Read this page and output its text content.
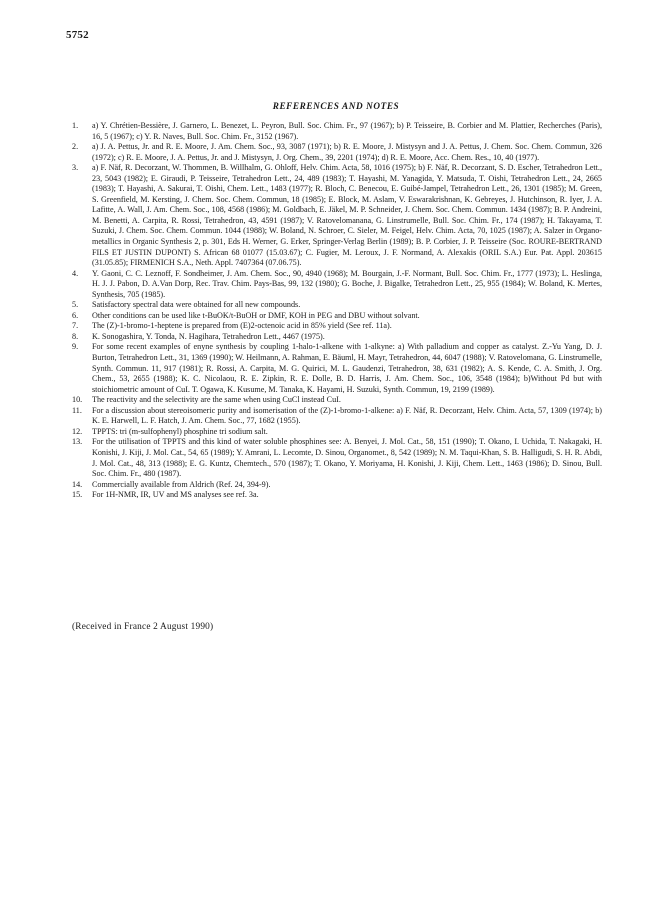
5752
REFERENCES AND NOTES
1.	a) Y. Chrétien-Bessière, J. Garnero, L. Benezet, L. Peyron, Bull. Soc. Chim. Fr., 97 (1967); b) P. Teisseire, B. Corbier and M. Plattier, Recherches (Paris), 16, 5 (1967); c) Y. R. Naves, Bull. Soc. Chim. Fr., 3152 (1967).
2.	a) J. A. Pettus, Jr. and R. E. Moore, J. Am. Chem. Soc., 93, 3087 (1971); b) R. E. Moore, J. Mistysyn and J. A. Pettus, J. Chem. Soc. Chem. Commun, 326 (1972); c) R. E. Moore, J. A. Pettus, Jr. and J. Mistysyn, J. Org. Chem., 39, 2201 (1974); d) R. E. Moore, Acc. Chem. Res., 10, 40 (1977).
3.	a) F. Näf, R. Decorzant, W. Thommen, B. Willhalm, G. Ohloff, Helv. Chim. Acta, 58, 1016 (1975); b) F. Näf, R. Decorzant, S. D. Escher, Tetrahedron Lett., 23, 5043 (1982); E. Giraudi, P. Teisseire, Tetrahedron Lett., 24, 489 (1983); T. Hayashi, M. Yanagida, Y. Matsuda, T. Oishi, Tetrahedron Lett., 24, 2665 (1983); T. Hayashi, A. Sakurai, T. Oishi, Chem. Lett., 1483 (1977); R. Bloch, C. Benecou, E. Guibé-Jampel, Tetrahedron Lett., 26, 1301 (1985); M. Green, S. Greenfield, M. Kersting, J. Chem. Soc. Chem. Commun, 18 (1985); E. Block, M. Aslam, V. Eswarakrishnan, K. Gebreyes, J. Hutchinson, R. Iyer, J. A. Lafitte, A. Wall, J. Am. Chem. Soc., 108, 4568 (1986); M. Goldbach, E. Jäkel, M. P. Schneider, J. Chem. Soc. Chem. Commun. 1434 (1987); B. P. Andreini, M. Benetti, A. Carpita, R. Rossi, Tetrahedron, 43, 4591 (1987); V. Ratovelomanana, G. Linstrumelle, Bull. Soc. Chim. Fr., 174 (1987); H. Takayama, T. Suzuki, J. Chem. Soc. Chem. Commun. 1044 (1988); W. Boland, N. Schroer, C. Sieler, M. Feigel, Helv. Chim. Acta, 70, 1025 (1987); A. Salzer in Organo-metallics in Organic Synthesis 2, p. 301, Eds H. Werner, G. Erker, Springer-Verlag Berlin (1989); B. P. Corbier, J. P. Teisseire (Soc. ROURE-BERTRAND FILS ET JUSTIN DUPONT) S. African 68 01077 (15.03.67); C. Fugier, M. Leroux, J. F. Normand, A. Alexakis (ORIL S.A.) Eur. Pat. Appl. 203615 (31.05.85); FIRMENICH S.A., Neth. Appl. 7407364 (07.06.75).
4.	Y. Gaoni, C. C. Leznoff, F. Sondheimer, J. Am. Chem. Soc., 90, 4940 (1968); M. Bourgain, J.-F. Normant, Bull. Soc. Chim. Fr., 1777 (1973); L. Heslinga, H. J. J. Pabon, D. A.Van Dorp, Rec. Trav. Chim. Pays-Bas, 99, 132 (1980); G. Boche, J. Bigalke, Tetrahedron Lett., 25, 955 (1984); W. Boland, K. Mertes, Synthesis, 705 (1985).
5.	Satisfactory spectral data were obtained for all new compounds.
6.	Other conditions can be used like t-BuOK/t-BuOH or DMF, KOH in PEG and DBU without solvant.
7.	The (Z)-1-bromo-1-heptene is prepared from (E)2-octenoic acid in 85% yield (See ref. 11a).
8.	K. Sonogashira, Y. Tonda, N. Hagihara, Tetrahedron Lett., 4467 (1975).
9.	For some recent examples of enyne synthesis by coupling 1-halo-1-alkene with 1-alkyne: a) With palladium and copper as catalyst. Z.-Yu Yang, D. J. Burton, Tetrahedron Lett., 31, 1369 (1990); W. Heilmann, A. Rahman, E. Bäuml, H. Mayr, Tetrahedron, 44, 6047 (1988); V. Ratovelomana, G. Linstrumelle, Synth. Commun. 11, 917 (1981); R. Rossi, A. Carpita, M. G. Quirici, M. L. Gaudenzi, Tetrahedron, 38, 631 (1982); A. S. Kende, C. A. Smith, J. Org. Chem., 53, 2655 (1988); K. C. Nicolaou, R. E. Zipkin, R. E. Dolle, B. D. Harris, J. Am. Chem. Soc., 106, 3548 (1984); b)Without Pd but with stoichiometric amount of CuI. T. Ogawa, K. Kusume, M. Tanaka, K. Hayami, H. Suzuki, Synth. Commun, 19, 2199 (1989).
10.	The reactivity and the selectivity are the same when using CuCl instead CuI.
11.	For a discussion about stereoisomeric purity and isomerisation of the (Z)-1-bromo-1-alkene: a) F. Näf, R. Decorzant, Helv. Chim. Acta, 57, 1309 (1974); b) K. E. Harwell, L. F. Hatch, J. Am. Chem. Soc., 77, 1682 (1955).
12.	TPPTS: tri (m-sulfophenyl) phosphine tri sodium salt.
13.	For the utilisation of TPPTS and this kind of water soluble phosphines see: A. Benyei, J. Mol. Cat., 58, 151 (1990); T. Okano, I. Uchida, T. Nakagaki, H. Konishi, J. Kiji, J. Mol. Cat., 54, 65 (1989); Y. Amrani, L. Lecomte, D. Sinou, Organomet., 8, 542 (1989); N. M. Taqui-Khan, S. B. Halligudi, S. H. R. Abdi, J. Mol. Cat., 48, 313 (1988); E. G. Kuntz, Chemtech., 570 (1987); T. Okano, Y. Moriyama, H. Konishi, J. Kiji, Chem. Lett., 1463 (1986); D. Sinou, Bull. Soc. Chim. Fr., 480 (1987).
14.	Commercially available from Aldrich (Ref. 24, 394-9).
15.	For 1H-NMR, IR, UV and MS analyses see ref. 3a.
(Received in France 2 August 1990)
